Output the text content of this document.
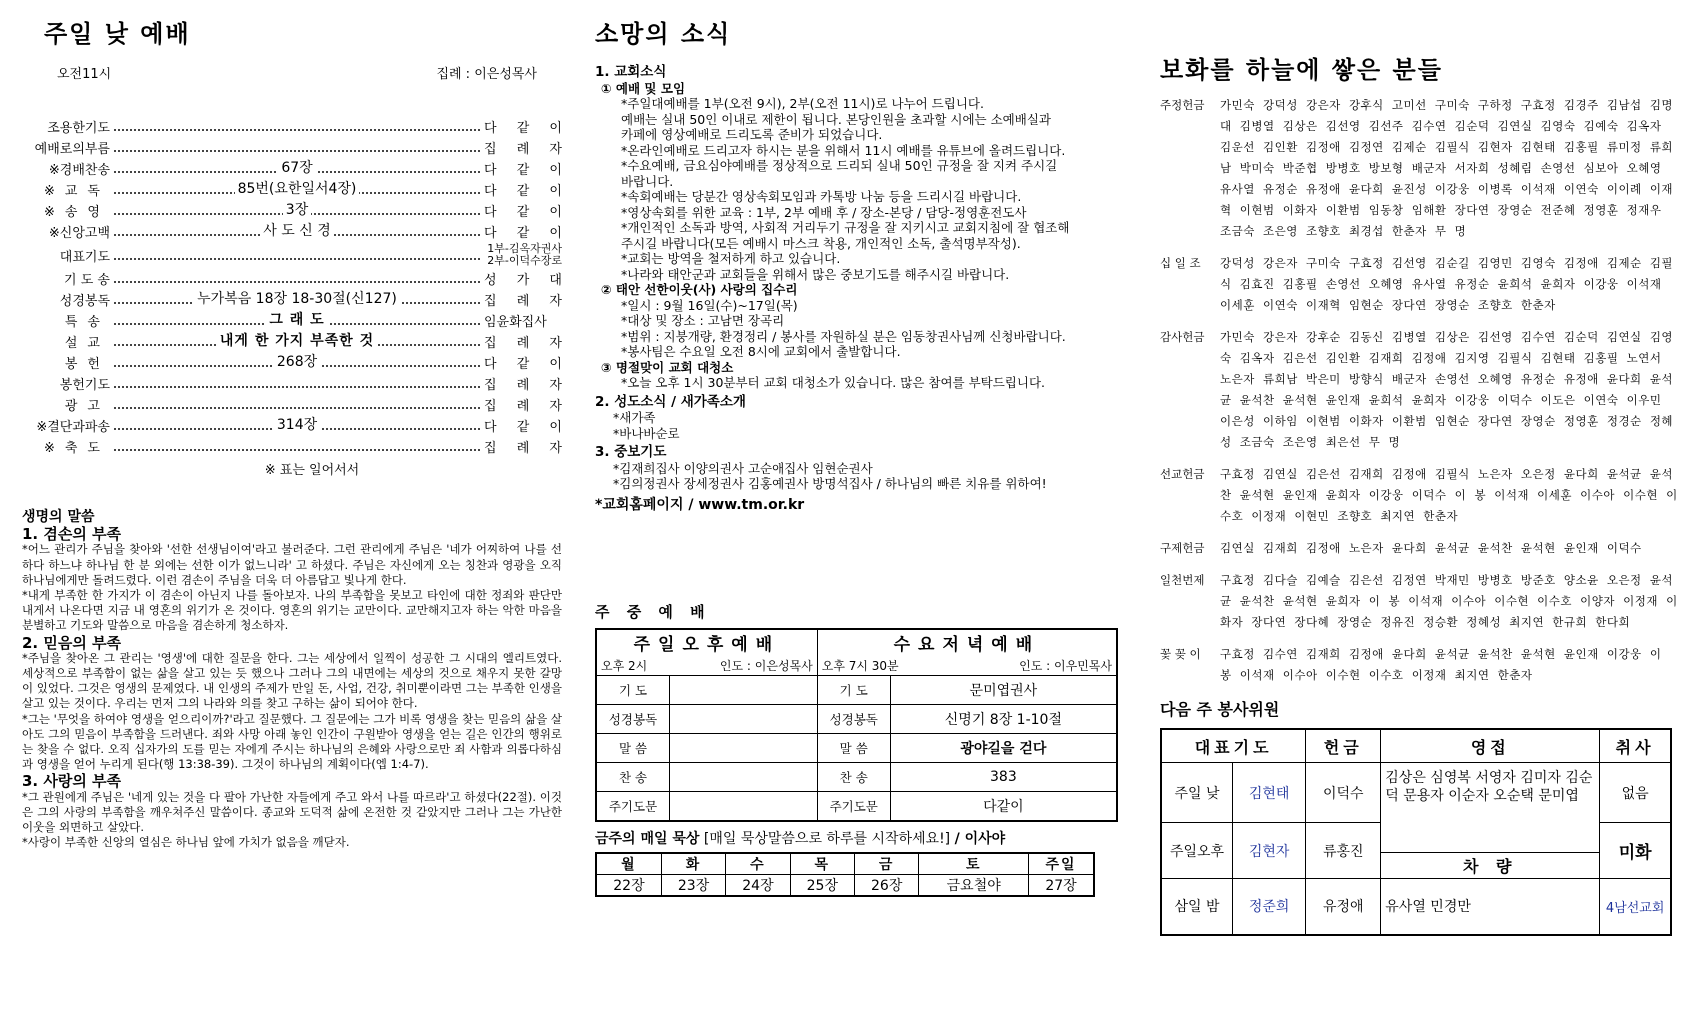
주일 낮 예배
오전11시	집례 : 이은성목사
조용한기도	다 같 이
예배로의부름	집 례 자
※경배찬송	67장	다 같 이
※교독	85번(요한일서4장)	다 같 이
※송영	3장	다 같 이
※신앙고백	사 도 신 경	다 같 이
대표기도
1부-김옥자권사
2부-이덕수장로
기 도 송	성 가 대
성경봉독	누가복음 18장 18-30절(신127)	집 례 자
특송	그 래 도	임윤화집사
설교	내게 한 가지 부족한 것	집 례 자
봉헌	268장	다 같 이
봉헌기도	집 례 자
광고	집 례 자
※결단과파송	314장	다 같 이
※축도	집 례 자
※ 표는 일어서서
생명의 말씀
1. 겸손의 부족

*어느 관리가 주님을 찾아와 '선한 선생님이여'라고 불러준다. 그런 관리에게 주님은 '네가 어찌하여 나를 선하다 하느냐 하나님 한 분 외에는 선한 이가 없느니라' 고 하셨다. 주님은 자신에게 오는 칭찬과 영광을 오직 하나님에게만 돌려드렸다. 이런 겸손이 주님을 더욱 더 아름답고 빛나게 한다.

*내게 부족한 한 가지가 이 겸손이 아닌지 나를 돌아보자. 나의 부족함을 못보고 타인에 대한 정죄와 판단만 내게서 나온다면 지금 내 영혼의 위기가 온 것이다. 영혼의 위기는 교만이다. 교만해지고자 하는 악한 마음을 분별하고 기도와 말씀으로 마음을 겸손하게 청소하자.

2. 믿음의 부족

*주님을 찾아온 그 관리는 '영생'에 대한 질문을 한다. 그는 세상에서 일찍이 성공한 그 시대의 엘리트였다. 세상적으로 부족함이 없는 삶을 살고 있는 듯 했으나 그러나 그의 내면에는 세상의 것으로 채우지 못한 갈망이 있었다. 그것은 영생의 문제였다. 내 인생의 주제가 만일 돈, 사업, 건강, 취미뿐이라면 그는 부족한 인생을 살고 있는 것이다. 우리는 먼저 그의 나라와 의를 찾고 구하는 삶이 되어야 한다.

*그는 '무엇을 하여야 영생을 얻으리이까?'라고 질문했다. 그 질문에는 그가 비록 영생을 찾는 믿음의 삶을 살아도 그의 믿음이 부족함을 드러낸다. 죄와 사망 아래 놓인 인간이 구원받아 영생을 얻는 길은 인간의 행위로는 찾을 수 없다. 오직 십자가의 도를 믿는 자에게 주시는 하나님의 은혜와 사랑으로만 죄 사함과 의롭다하심과 영생을 얻어 누리게 된다(행 13:38-39). 그것이 하나님의 계획이다(엡 1:4-7).

3. 사랑의 부족

*그 관원에게 주님은 '네게 있는 것을 다 팔아 가난한 자들에게 주고 와서 나를 따르라'고 하셨다(22절). 이것은 그의 사랑의 부족함을 깨우쳐주신 말씀이다. 종교와 도덕적 삶에 온전한 것 같았지만 그러나 그는 가난한 이웃을 외면하고 살았다.

*사랑이 부족한 신앙의 열심은 하나님 앞에 가치가 없음을 깨닫자.

소망의 소식
1. 교회소식
① 예배 및 모임
*주일대예배를 1부(오전 9시), 2부(오전 11시)로 나누어 드립니다.
예배는 실내 50인 이내로 제한이 됩니다. 본당인원을 초과할 시에는 소예배실과
카페에 영상예배로 드리도록 준비가 되었습니다.
*온라인예배로 드리고자 하시는 분을 위해서 11시 예배를 유튜브에 올려드립니다.
*수요예배, 금요심야예배를 정상적으로 드리되 실내 50인 규정을 잘 지켜 주시길
바랍니다.
*속회예배는 당분간 영상속회모임과 카톡방 나눔 등을 드리시길 바랍니다.
*영상속회를 위한 교육 : 1부, 2부 예배 후 / 장소-본당 / 담당-정영훈전도사
*개인적인 소독과 방역, 사회적 거리두기 규정을 잘 지키시고 교회지침에 잘 협조해
주시길 바랍니다(모든 예배시 마스크 착용, 개인적인 소독, 출석명부작성).
*교회는 방역을 철저하게 하고 있습니다.
*나라와 태안군과 교회들을 위해서 많은 중보기도를 해주시길 바랍니다.
② 태안 선한이웃(사) 사랑의 집수리
*일시 : 9월 16일(수)~17일(목)
*대상 및 장소 : 고남면 장곡리
*범위 : 지붕개량, 환경정리 / 봉사를 자원하실 분은 임동창권사님께 신청바랍니다.
*봉사팀은 수요일 오전 8시에 교회에서 출발합니다.
③ 명절맞이 교회 대청소
*오늘 오후 1시 30분부터 교회 대청소가 있습니다. 많은 참여를 부탁드립니다.
2. 성도소식 / 새가족소개
*새가족
*바나바순로
3. 중보기도
*김재희집사 이양의권사 고순애집사 임현순권사
*김의정권사 장세정권사 김홍예권사 방명석집사 / 하나님의 빠른 치유를 위하여!
*교회홈페이지 / www.tm.or.kr
주 중 예 배
주일오후예배		수요저녁예배	

오후 2시 인도 : 이은성목사		오후 7시 30분 인도 : 이우민목사	

기 도		기 도	문미엽권사
성경봉독		성경봉독	신명기 8장 1-10절
말 씀		말 씀	광야길을 걷다
찬 송		찬 송	383
주기도문		주기도문	다같이
금주의 매일 묵상 [매일 묵상말씀으로 하루를 시작하세요!] / 이사야
월	화	수	목	금	토	주일
22장	23장	24장	25장	26장	금요철야	27장
보화를 하늘에 쌓은 분들
주정헌금	가민숙 강덕성 강은자 강후식 고미선 구미숙 구하정 구효정 김경주 김남섭 김명대 김병열 김상은 김선영 김선주 김수연 김순덕 김연실 김영숙 김예숙 김옥자 김운선 김인환 김정애 김정연 김제순 김필식 김현자 김현태 김홍필 류미정 류희남 박미숙 박준협 방병호 방보형 배군자 서자희 성혜림 손영선 심보아 오혜영 유사열 유정순 유정애 윤다희 윤진성 이강웅 이병록 이석재 이연숙 이이례 이재혁 이현범 이화자 이환범 임동창 임해환 장다연 장영순 전준혜 정영훈 정재우 조금숙 조은영 조향호 최경섭 한춘자 무 명
십 일 조	강덕성 강은자 구미숙 구효정 김선영 김순길 김영민 김영숙 김정애 김제순 김필식 김효진 김홍필 손영선 오혜영 유사열 유정순 윤희석 윤희자 이강웅 이석재 이세훈 이연숙 이재혁 임현순 장다연 장영순 조향호 한춘자
감사헌금	가민숙 강은자 강후순 김동신 김병열 김상은 김선영 김수연 김순덕 김연실 김영숙 김옥자 김은선 김인환 김재희 김정애 김지영 김필식 김현태 김홍필 노연서 노은자 류희남 박은미 방향식 배군자 손영선 오혜영 유정순 유정애 윤다희 윤석균 윤석찬 윤석현 윤인재 윤희석 윤희자 이강웅 이덕수 이도은 이연숙 이우민 이은성 이하임 이현범 이화자 이환범 임현순 장다연 장영순 정영훈 정경순 정혜성 조금숙 조은영 최은선 무 명
선교헌금	구효정 김연실 김은선 김재희 김정애 김필식 노은자 오은정 윤다희 윤석균 윤석찬 윤석현 윤인재 윤희자 이강웅 이덕수 이 봉 이석재 이세훈 이수아 이수현 이수호 이정재 이현민 조향호 최지연 한춘자
구제헌금	김연실 김재희 김정애 노은자 윤다희 윤석균 윤석찬 윤석현 윤인재 이덕수
일천번제	구효정 김다슬 김예슬 김은선 김정연 박재민 방병호 방준호 양소윤 오은정 윤석균 윤석찬 윤석현 윤희자 이 봉 이석재 이수아 이수현 이수호 이양자 이정재 이화자 장다연 장다혜 장영순 정유진 정승환 정혜성 최지연 한규희 한다희
꽃 꽂 이	구효정 김수연 김재희 김정애 윤다희 윤석균 윤석찬 윤석현 윤인재 이강웅 이 봉 이석재 이수아 이수현 이수호 이정재 최지연 한춘자
다음 주 봉사위원
대표기도		헌금	영접	취사
주일 낮	김현태	이덕수	김상은 심영복 서영자 김미자 김순덕 문용자 이순자 오순택 문미엽	없음
주일오후	김현자	류홍진		미화
			차 량	
삼일 밤	정준희	유정애	유사열 민경만	4남선교회
